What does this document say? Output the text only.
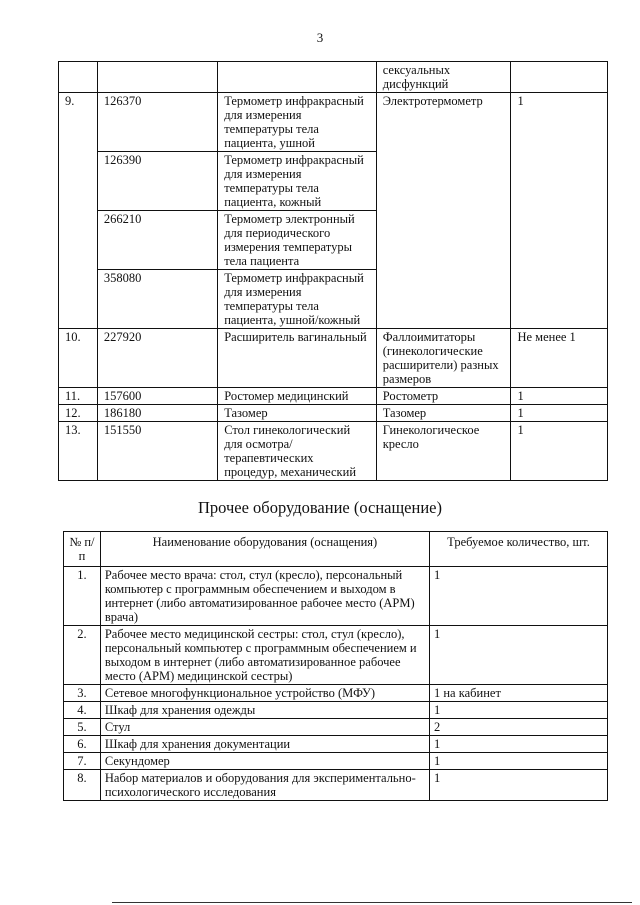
3
			сексуальных дисфункций	
9.	126370	Термометр инфракрасный для измерения температуры тела пациента, ушной	Электротермометр	1
	126390	Термометр инфракрасный для измерения температуры тела пациента, кожный		
	266210	Термометр электронный для периодического измерения температуры тела пациента		
	358080	Термометр инфракрасный для измерения температуры тела пациента, ушной/кожный		
10.	227920	Расширитель вагинальный	Фаллоимитаторы (гинекологические расширители) разных размеров	Не менее 1
11.	157600	Ростомер медицинский	Ростометр	1
12.	186180	Тазомер	Тазомер	1
13.	151550	Стол гинекологический для осмотра/терапевтических процедур, механический	Гинекологическое кресло	1
Прочее оборудование (оснащение)
№ п/п	Наименование оборудования (оснащения)	Требуемое количество, шт.
1.	Рабочее место врача: стол, стул (кресло), персональный компьютер с программным обеспечением и выходом в интернет (либо автоматизированное рабочее место (АРМ) врача)	1
2.	Рабочее место медицинской сестры: стол, стул (кресло), персональный компьютер с программным обеспечением и выходом в интернет (либо автоматизированное рабочее место (АРМ) медицинской сестры)	1
3.	Сетевое многофункциональное устройство (МФУ)	1 на кабинет
4.	Шкаф для хранения одежды	1
5.	Стул	2
6.	Шкаф для хранения документации	1
7.	Секундомер	1
8.	Набор материалов и оборудования для экспериментально-психологического исследования	1
